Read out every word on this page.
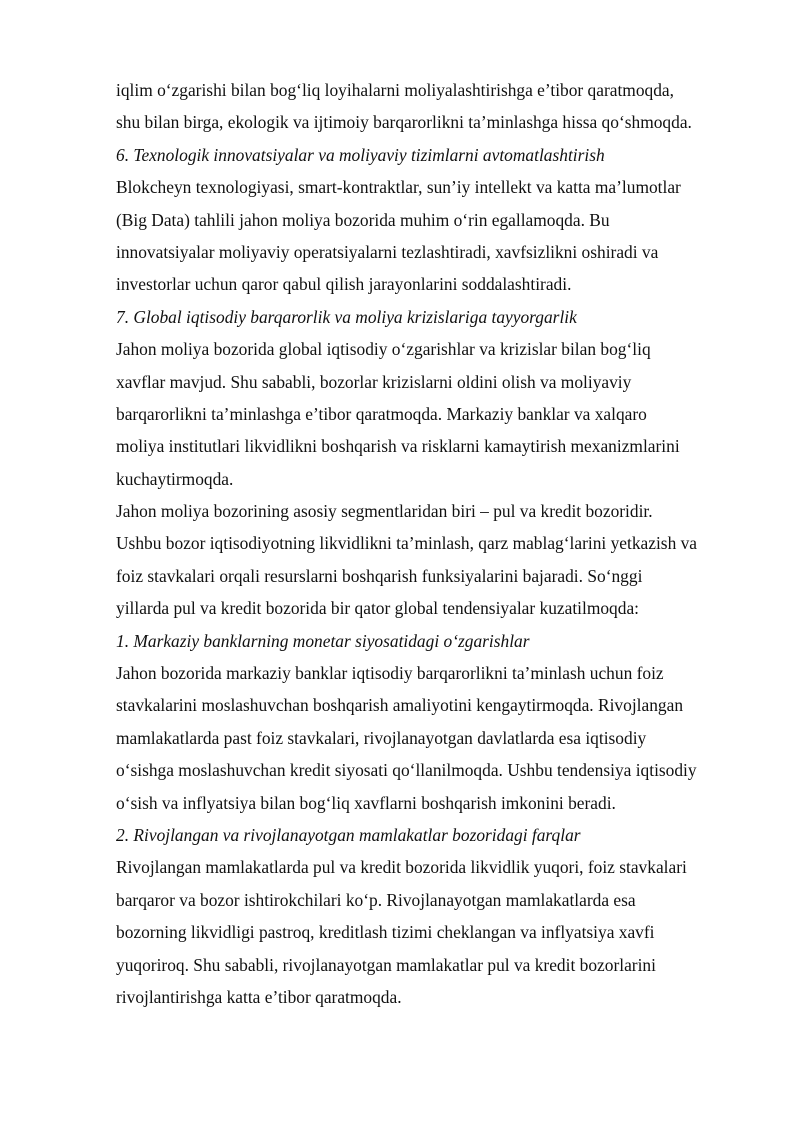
iqlim o‘zgarishi bilan bog‘liq loyihalarni moliyalashtirishga e’tibor qaratmoqda,
shu bilan birga, ekologik va ijtimoiy barqarorlikni ta’minlashga hissa qo‘shmoqda.
6. Texnologik innovatsiyalar va moliyaviy tizimlarni avtomatlashtirish
Blokcheyn texnologiyasi, smart-kontraktlar, sun’iy intellekt va katta ma’lumotlar
(Big Data) tahlili jahon moliya bozorida muhim o‘rin egallamoqda. Bu
innovatsiyalar moliyaviy operatsiyalarni tezlashtiradi, xavfsizlikni oshiradi va
investorlar uchun qaror qabul qilish jarayonlarini soddalashtiradi.
7. Global iqtisodiy barqarorlik va moliya krizislariga tayyorgarlik
Jahon moliya bozorida global iqtisodiy o‘zgarishlar va krizislar bilan bog‘liq
xavflar mavjud. Shu sababli, bozorlar krizislarni oldini olish va moliyaviy
barqarorlikni ta’minlashga e’tibor qaratmoqda. Markaziy banklar va xalqaro
moliya institutlari likvidlikni boshqarish va risklarni kamaytirish mexanizmlarini
kuchaytirmoqda.
Jahon moliya bozorining asosiy segmentlaridan biri – pul va kredit bozoridir.
Ushbu bozor iqtisodiyotning likvidlikni ta’minlash, qarz mablag‘larini yetkazish va
foiz stavkalari orqali resurslarni boshqarish funksiyalarini bajaradi. So‘nggi
yillarda pul va kredit bozorida bir qator global tendensiyalar kuzatilmoqda:
1. Markaziy banklarning monetar siyosatidagi o‘zgarishlar
Jahon bozorida markaziy banklar iqtisodiy barqarorlikni ta’minlash uchun foiz
stavkalarini moslashuvchan boshqarish amaliyotini kengaytirmoqda. Rivojlangan
mamlakatlarda past foiz stavkalari, rivojlanayotgan davlatlarda esa iqtisodiy
o‘sishga moslashuvchan kredit siyosati qo‘llanilmoqda. Ushbu tendensiya iqtisodiy
o‘sish va inflyatsiya bilan bog‘liq xavflarni boshqarish imkonini beradi.
2. Rivojlangan va rivojlanayotgan mamlakatlar bozoridagi farqlar
Rivojlangan mamlakatlarda pul va kredit bozorida likvidlik yuqori, foiz stavkalari
barqaror va bozor ishtirokchilari ko‘p. Rivojlanayotgan mamlakatlarda esa
bozorning likvidligi pastroq, kreditlash tizimi cheklangan va inflyatsiya xavfi
yuqoriroq. Shu sababli, rivojlanayotgan mamlakatlar pul va kredit bozorlarini
rivojlantirishga katta e’tibor qaratmoqda.
